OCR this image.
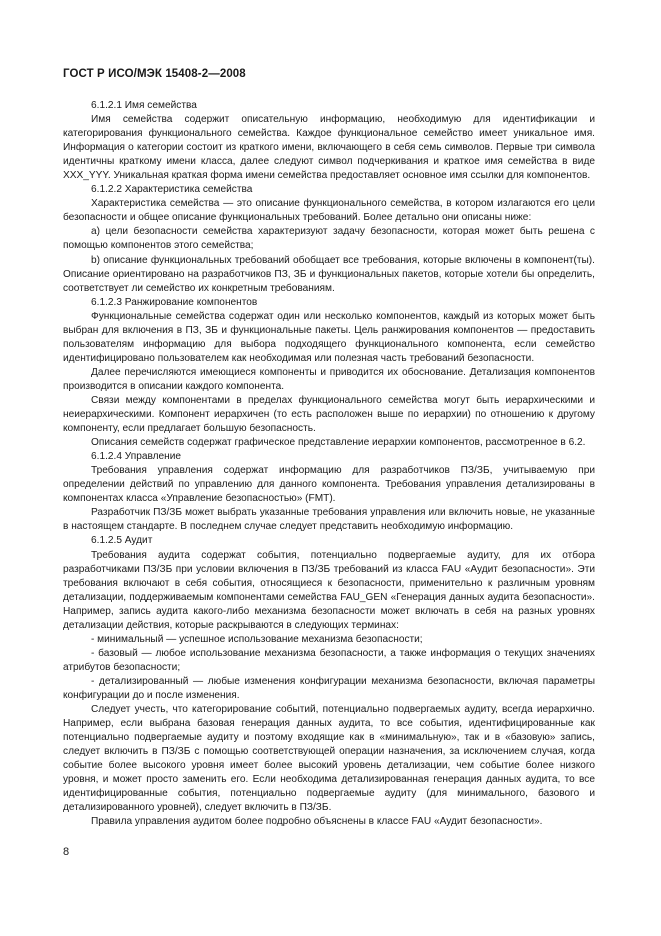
ГОСТ Р ИСО/МЭК 15408-2—2008

6.1.2.1 Имя семейства

Имя семейства содержит описательную информацию, необходимую для идентификации и категорирования функционального семейства. Каждое функциональное семейство имеет уникальное имя. Информация о категории состоит из краткого имени, включающего в себя семь символов. Первые три символа идентичны краткому имени класса, далее следуют символ подчеркивания и краткое имя семейства в виде XXX_YYY. Уникальная краткая форма имени семейства предоставляет основное имя ссылки для компонентов.

6.1.2.2 Характеристика семейства

Характеристика семейства — это описание функционального семейства, в котором излагаются его цели безопасности и общее описание функциональных требований. Более детально они описаны ниже:

a) цели безопасности семейства характеризуют задачу безопасности, которая может быть решена с помощью компонентов этого семейства;

b) описание функциональных требований обобщает все требования, которые включены в компонент(ты). Описание ориентировано на разработчиков ПЗ, ЗБ и функциональных пакетов, которые хотели бы определить, соответствует ли семейство их конкретным требованиям.

6.1.2.3 Ранжирование компонентов

Функциональные семейства содержат один или несколько компонентов, каждый из которых может быть выбран для включения в ПЗ, ЗБ и функциональные пакеты. Цель ранжирования компонентов — предоставить пользователям информацию для выбора подходящего функционального компонента, если семейство идентифицировано пользователем как необходимая или полезная часть требований безопасности.

Далее перечисляются имеющиеся компоненты и приводится их обоснование. Детализация компонентов производится в описании каждого компонента.

Связи между компонентами в пределах функционального семейства могут быть иерархическими и неиерархическими. Компонент иерархичен (то есть расположен выше по иерархии) по отношению к другому компоненту, если предлагает большую безопасность.

Описания семейств содержат графическое представление иерархии компонентов, рассмотренное в 6.2.

6.1.2.4 Управление

Требования управления содержат информацию для разработчиков ПЗ/ЗБ, учитываемую при определении действий по управлению для данного компонента. Требования управления детализированы в компонентах класса «Управление безопасностью» (FMT).

Разработчик ПЗ/ЗБ может выбрать указанные требования управления или включить новые, не указанные в настоящем стандарте. В последнем случае следует представить необходимую информацию.

6.1.2.5 Аудит

Требования аудита содержат события, потенциально подвергаемые аудиту, для их отбора разработчиками ПЗ/ЗБ при условии включения в ПЗ/ЗБ требований из класса FAU «Аудит безопасности». Эти требования включают в себя события, относящиеся к безопасности, применительно к различным уровням детализации, поддерживаемым компонентами семейства FAU_GEN «Генерация данных аудита безопасности». Например, запись аудита какого-либо механизма безопасности может включать в себя на разных уровнях детализации действия, которые раскрываются в следующих терминах:

- минимальный — успешное использование механизма безопасности;

- базовый — любое использование механизма безопасности, а также информация о текущих значениях атрибутов безопасности;

- детализированный — любые изменения конфигурации механизма безопасности, включая параметры конфигурации до и после изменения.

Следует учесть, что категорирование событий, потенциально подвергаемых аудиту, всегда иерархично. Например, если выбрана базовая генерация данных аудита, то все события, идентифицированные как потенциально подвергаемые аудиту и поэтому входящие как в «минимальную», так и в «базовую» запись, следует включить в ПЗ/ЗБ с помощью соответствующей операции назначения, за исключением случая, когда событие более высокого уровня имеет более высокий уровень детализации, чем событие более низкого уровня, и может просто заменить его. Если необходима детализированная генерация данных аудита, то все идентифицированные события, потенциально подвергаемые аудиту (для минимального, базового и детализированного уровней), следует включить в ПЗ/ЗБ.

Правила управления аудитом более подробно объяснены в классе FAU «Аудит безопасности».

8
